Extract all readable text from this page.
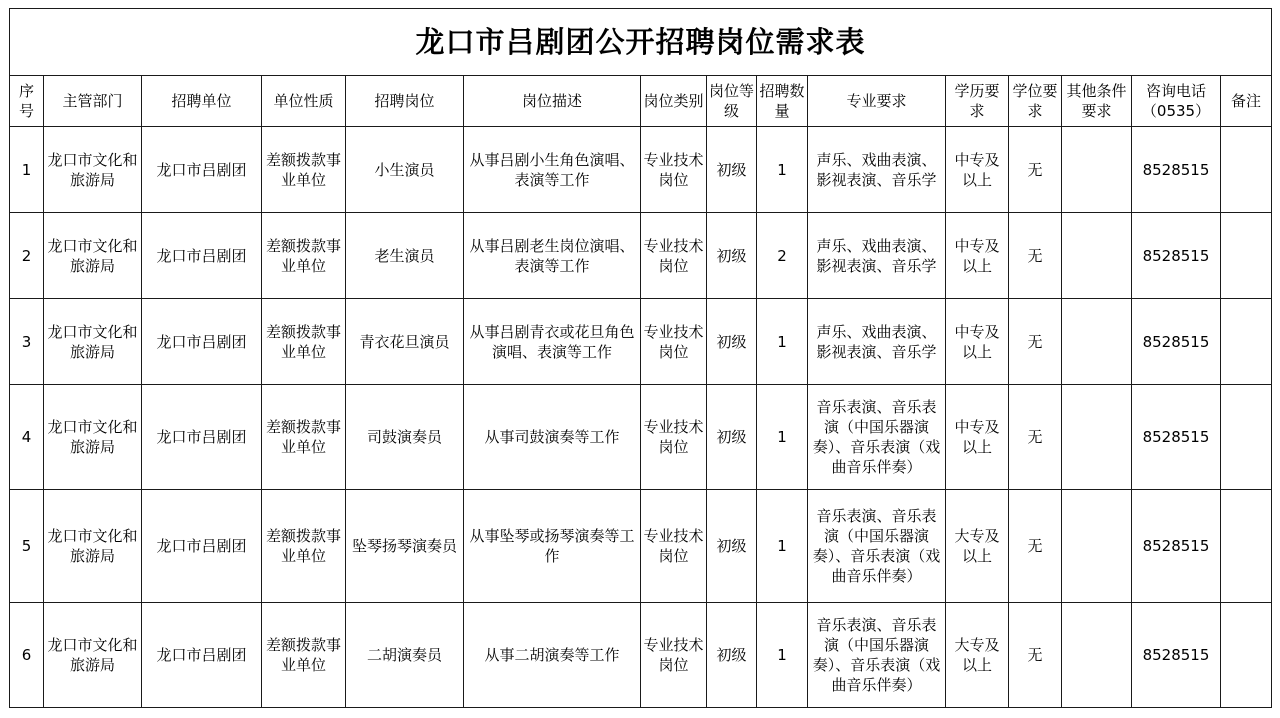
龙口市吕剧团公开招聘岗位需求表														
序号	主管部门	招聘单位	单位性质	招聘岗位	岗位描述	岗位类别	岗位等级	招聘数量	专业要求	学历要求	学位要求	其他条件要求	咨询电话（0535）	备注
1	龙口市文化和旅游局	龙口市吕剧团	差额拨款事业单位	小生演员	从事吕剧小生角色演唱、表演等工作	专业技术岗位	初级	1	声乐、戏曲表演、影视表演、音乐学	中专及以上	无		8528515	
2	龙口市文化和旅游局	龙口市吕剧团	差额拨款事业单位	老生演员	从事吕剧老生岗位演唱、表演等工作	专业技术岗位	初级	2	声乐、戏曲表演、影视表演、音乐学	中专及以上	无		8528515	
3	龙口市文化和旅游局	龙口市吕剧团	差额拨款事业单位	青衣花旦演员	从事吕剧青衣或花旦角色演唱、表演等工作	专业技术岗位	初级	1	声乐、戏曲表演、影视表演、音乐学	中专及以上	无		8528515	
4	龙口市文化和旅游局	龙口市吕剧团	差额拨款事业单位	司鼓演奏员	从事司鼓演奏等工作	专业技术岗位	初级	1	音乐表演、音乐表演（中国乐器演奏）、音乐表演（戏曲音乐伴奏）	中专及以上	无		8528515	
5	龙口市文化和旅游局	龙口市吕剧团	差额拨款事业单位	坠琴扬琴演奏员	从事坠琴或扬琴演奏等工作	专业技术岗位	初级	1	音乐表演、音乐表演（中国乐器演奏）、音乐表演（戏曲音乐伴奏）	大专及以上	无		8528515	
6	龙口市文化和旅游局	龙口市吕剧团	差额拨款事业单位	二胡演奏员	从事二胡演奏等工作	专业技术岗位	初级	1	音乐表演、音乐表演（中国乐器演奏）、音乐表演（戏曲音乐伴奏）	大专及以上	无		8528515	
